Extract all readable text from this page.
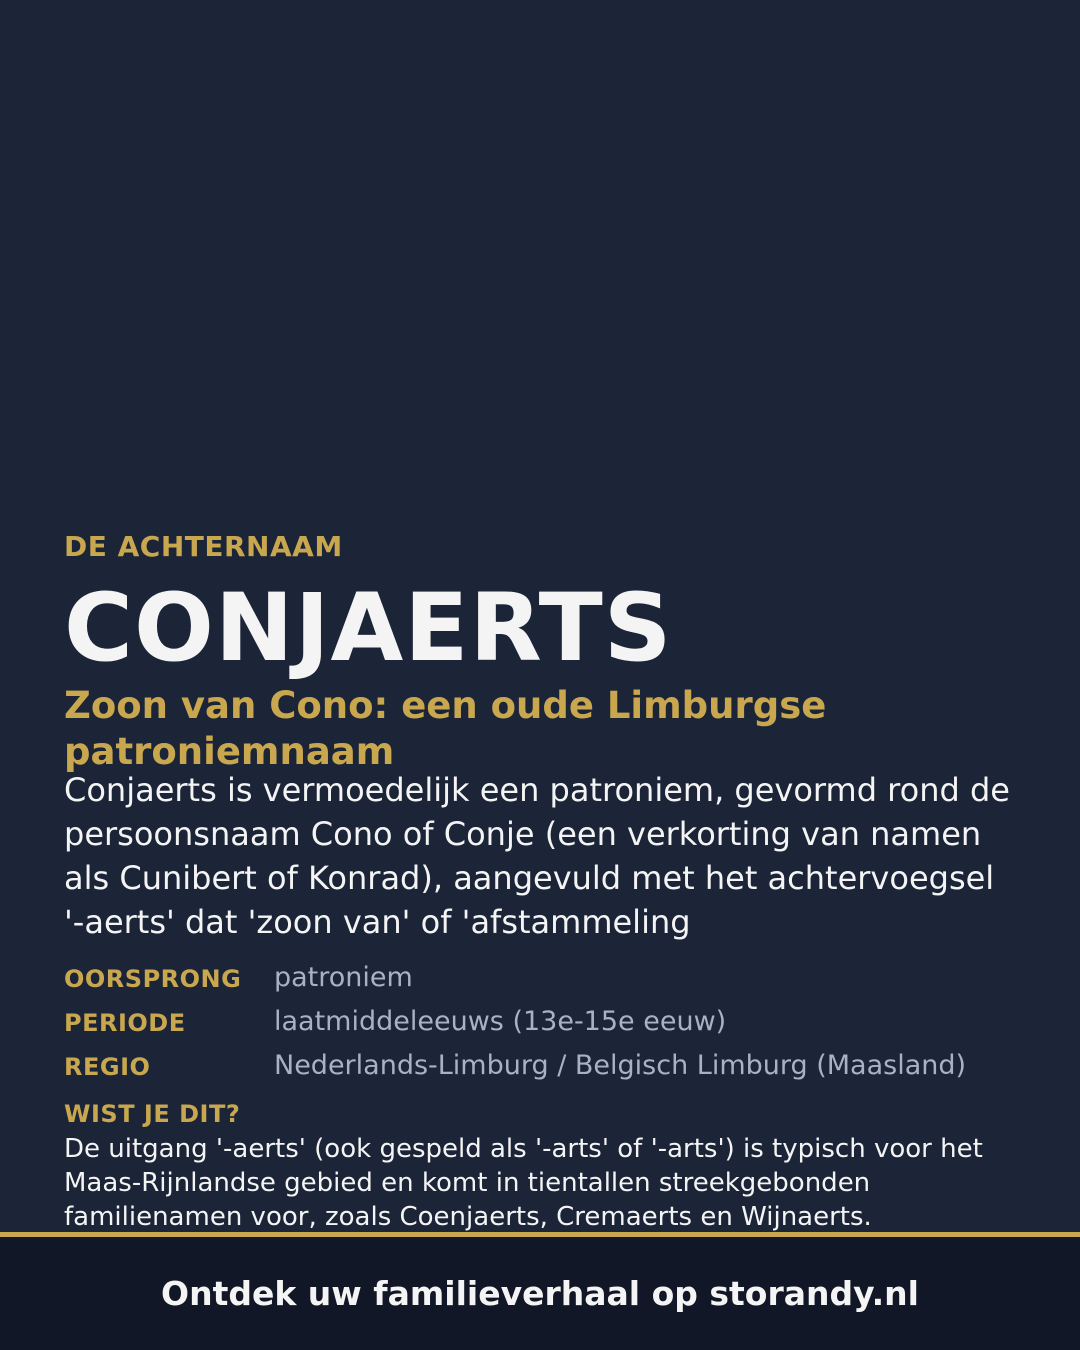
DE ACHTERNAAM
CONJAERTS
Zoon van Cono: een oude Limburgse patroniemnaam
Conjaerts is vermoedelijk een patroniem, gevormd rond de persoonsnaam Cono of Conje (een verkorting van namen als Cunibert of Konrad), aangevuld met het achtervoegsel '-aerts' dat 'zoon van' of 'afstammeling
OORSPRONG patroniem
PERIODE	laatmiddeleeuws (13e-15e eeuw)
REGIO	Nederlands-Limburg / Belgisch Limburg (Maasland)
WIST JE DIT?
De uitgang '-aerts' (ook gespeld als '-arts' of '-arts') is typisch voor het Maas-Rijnlandse gebied en komt in tientallen streekgebonden familienamen voor, zoals Coenjaerts, Cremaerts en Wijnaerts.
Ontdek uw familieverhaal op storandy.nl
